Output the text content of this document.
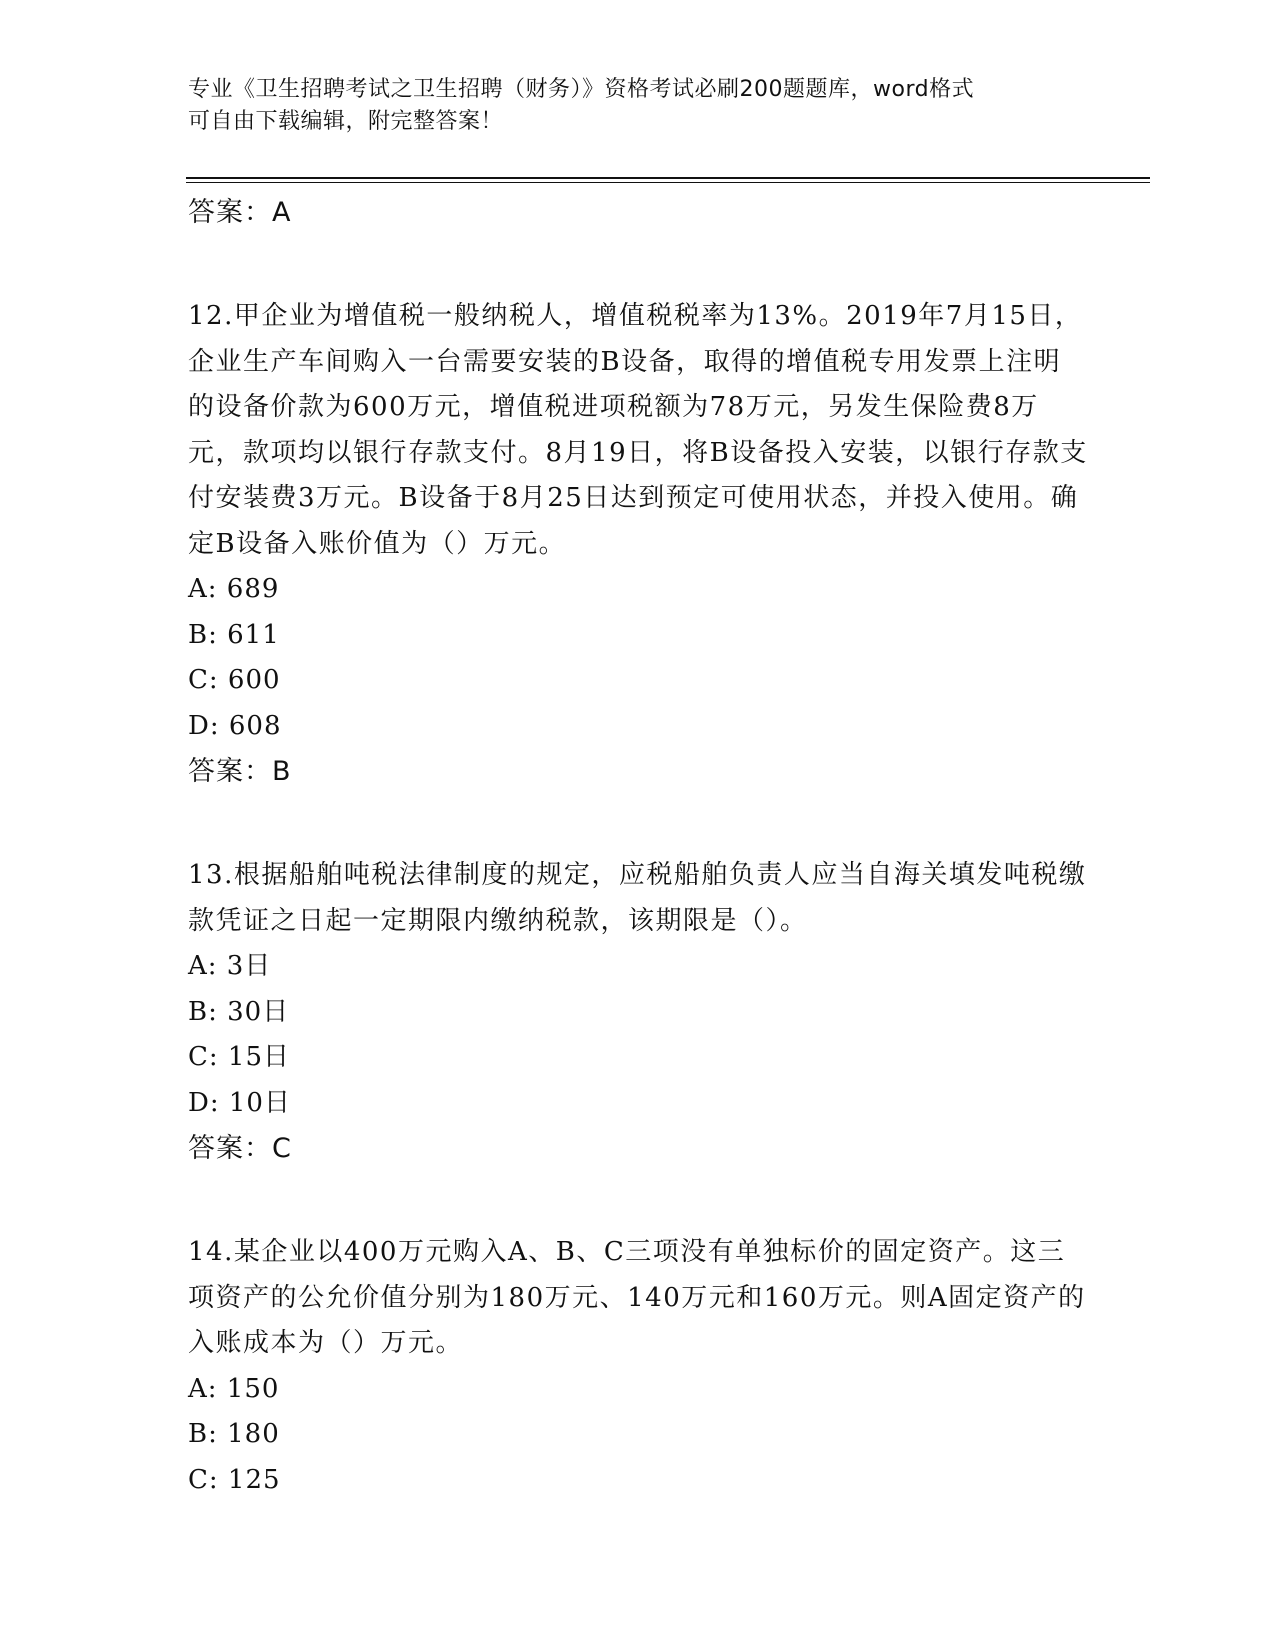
专业《卫生招聘考试之卫生招聘（财务）》资格考试必刷200题题库，word格式
可自由下载编辑，附完整答案！
答案：A
12.甲企业为增值税一般纳税人，增值税税率为13%。2019年7月15日，企业生产车间购入一台需要安装的B设备，取得的增值税专用发票上注明的设备价款为600万元，增值税进项税额为78万元，另发生保险费8万元，款项均以银行存款支付。8月19日，将B设备投入安装，以银行存款支付安装费3万元。B设备于8月25日达到预定可使用状态，并投入使用。确定B设备入账价值为（）万元。
A: 689
B: 611
C: 600
D: 608
答案：B
13.根据船舶吨税法律制度的规定，应税船舶负责人应当自海关填发吨税缴款凭证之日起一定期限内缴纳税款，该期限是（）。
A: 3日
B: 30日
C: 15日
D: 10日
答案：C
14.某企业以400万元购入A、B、C三项没有单独标价的固定资产。这三项资产的公允价值分别为180万元、140万元和160万元。则A固定资产的入账成本为（）万元。
A: 150
B: 180
C: 125
